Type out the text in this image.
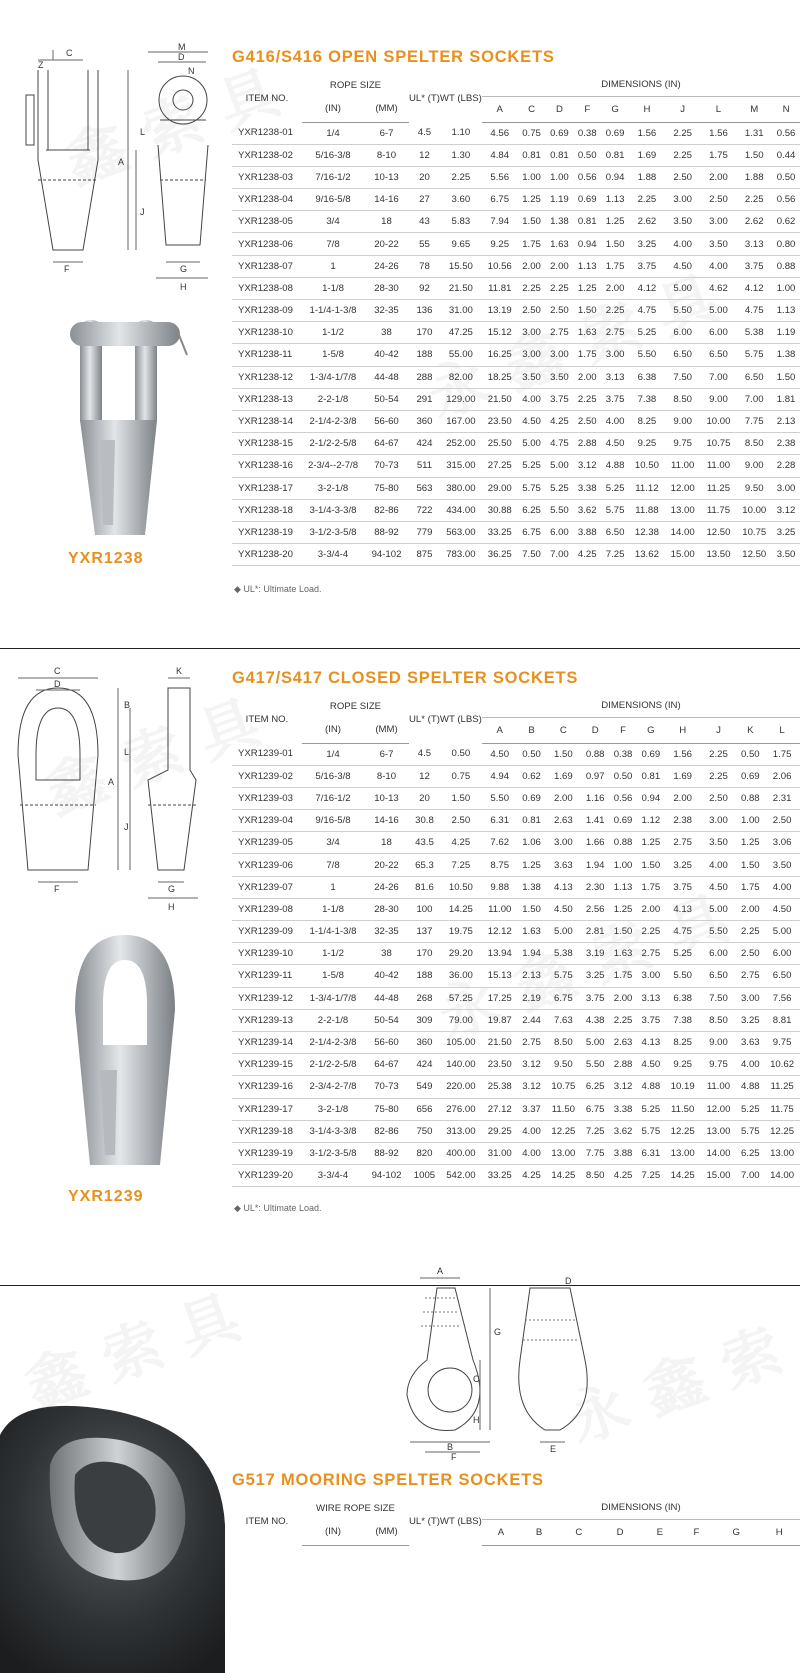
C
Z
M
D
N
A
L
J
F	G
H
YXR1238
G416/S416 OPEN SPELTER SOCKETS
ITEM NO.	ROPE SIZE		UL* (T)	WT (LBS)	DIMENSIONS (IN)									
	(IN)	(MM)			A	C	D	F	G	H	J	L	M	N
YXR1238-01	1/4	6-7	4.5	1.10	4.56	0.75	0.69	0.38	0.69	1.56	2.25	1.56	1.31	0.56
YXR1238-02	5/16-3/8	8-10	12	1.30	4.84	0.81	0.81	0.50	0.81	1.69	2.25	1.75	1.50	0.44
YXR1238-03	7/16-1/2	10-13	20	2.25	5.56	1.00	1.00	0.56	0.94	1.88	2.50	2.00	1.88	0.50
YXR1238-04	9/16-5/8	14-16	27	3.60	6.75	1.25	1.19	0.69	1.13	2.25	3.00	2.50	2.25	0.56
YXR1238-05	3/4	18	43	5.83	7.94	1.50	1.38	0.81	1.25	2.62	3.50	3.00	2.62	0.62
YXR1238-06	7/8	20-22	55	9.65	9.25	1.75	1.63	0.94	1.50	3.25	4.00	3.50	3.13	0.80
YXR1238-07	1	24-26	78	15.50	10.56	2.00	2.00	1.13	1.75	3.75	4.50	4.00	3.75	0.88
YXR1238-08	1-1/8	28-30	92	21.50	11.81	2.25	2.25	1.25	2.00	4.12	5.00	4.62	4.12	1.00
YXR1238-09	1-1/4-1-3/8	32-35	136	31.00	13.19	2.50	2.50	1.50	2.25	4.75	5.50	5.00	4.75	1.13
YXR1238-10	1-1/2	38	170	47.25	15.12	3.00	2.75	1.63	2.75	5.25	6.00	6.00	5.38	1.19
YXR1238-11	1-5/8	40-42	188	55.00	16.25	3.00	3.00	1.75	3.00	5.50	6.50	6.50	5.75	1.38
YXR1238-12	1-3/4-1/7/8	44-48	288	82.00	18.25	3.50	3.50	2.00	3.13	6.38	7.50	7.00	6.50	1.50
YXR1238-13	2-2-1/8	50-54	291	129.00	21.50	4.00	3.75	2.25	3.75	7.38	8.50	9.00	7.00	1.81
YXR1238-14	2-1/4-2-3/8	56-60	360	167.00	23.50	4.50	4.25	2.50	4.00	8.25	9.00	10.00	7.75	2.13
YXR1238-15	2-1/2-2-5/8	64-67	424	252.00	25.50	5.00	4.75	2.88	4.50	9.25	9.75	10.75	8.50	2.38
YXR1238-16	2-3/4--2-7/8	70-73	511	315.00	27.25	5.25	5.00	3.12	4.88	10.50	11.00	11.00	9.00	2.28
YXR1238-17	3-2-1/8	75-80	563	380.00	29.00	5.75	5.25	3.38	5.25	11.12	12.00	11.25	9.50	3.00
YXR1238-18	3-1/4-3-3/8	82-86	722	434.00	30.88	6.25	5.50	3.62	5.75	11.88	13.00	11.75	10.00	3.12
YXR1238-19	3-1/2-3-5/8	88-92	779	563.00	33.25	6.75	6.00	3.88	6.50	12.38	14.00	12.50	10.75	3.25
YXR1238-20	3-3/4-4	94-102	875	783.00	36.25	7.50	7.00	4.25	7.25	13.62	15.00	13.50	12.50	3.50
◆ UL*: Ultimate Load.
C
D
K
B
L
A
J
F	G
H
YXR1239
G417/S417 CLOSED SPELTER SOCKETS
ITEM NO.	ROPE SIZE		UL* (T)	WT (LBS)	DIMENSIONS (IN)									
	(IN)	(MM)			A	B	C	D	F	G	H	J	K	L
YXR1239-01	1/4	6-7	4.5	0.50	4.50	0.50	1.50	0.88	0.38	0.69	1.56	2.25	0.50	1.75
YXR1239-02	5/16-3/8	8-10	12	0.75	4.94	0.62	1.69	0.97	0.50	0.81	1.69	2.25	0.69	2.06
YXR1239-03	7/16-1/2	10-13	20	1.50	5.50	0.69	2.00	1.16	0.56	0.94	2.00	2.50	0.88	2.31
YXR1239-04	9/16-5/8	14-16	30.8	2.50	6.31	0.81	2.63	1.41	0.69	1.12	2.38	3.00	1.00	2.50
YXR1239-05	3/4	18	43.5	4.25	7.62	1.06	3.00	1.66	0.88	1.25	2.75	3.50	1.25	3.06
YXR1239-06	7/8	20-22	65.3	7.25	8.75	1.25	3.63	1.94	1.00	1.50	3.25	4.00	1.50	3.50
YXR1239-07	1	24-26	81.6	10.50	9.88	1.38	4.13	2.30	1.13	1.75	3.75	4.50	1.75	4.00
YXR1239-08	1-1/8	28-30	100	14.25	11.00	1.50	4.50	2.56	1.25	2.00	4.13	5.00	2.00	4.50
YXR1239-09	1-1/4-1-3/8	32-35	137	19.75	12.12	1.63	5.00	2.81	1.50	2.25	4.75	5.50	2.25	5.00
YXR1239-10	1-1/2	38	170	29.20	13.94	1.94	5.38	3.19	1.63	2.75	5.25	6.00	2.50	6.00
YXR1239-11	1-5/8	40-42	188	36.00	15.13	2.13	5.75	3.25	1.75	3.00	5.50	6.50	2.75	6.50
YXR1239-12	1-3/4-1/7/8	44-48	268	57.25	17.25	2.19	6.75	3.75	2.00	3.13	6.38	7.50	3.00	7.56
YXR1239-13	2-2-1/8	50-54	309	79.00	19.87	2.44	7.63	4.38	2.25	3.75	7.38	8.50	3.25	8.81
YXR1239-14	2-1/4-2-3/8	56-60	360	105.00	21.50	2.75	8.50	5.00	2.63	4.13	8.25	9.00	3.63	9.75
YXR1239-15	2-1/2-2-5/8	64-67	424	140.00	23.50	3.12	9.50	5.50	2.88	4.50	9.25	9.75	4.00	10.62
YXR1239-16	2-3/4-2-7/8	70-73	549	220.00	25.38	3.12	10.75	6.25	3.12	4.88	10.19	11.00	4.88	11.25
YXR1239-17	3-2-1/8	75-80	656	276.00	27.12	3.37	11.50	6.75	3.38	5.25	11.50	12.00	5.25	11.75
YXR1239-18	3-1/4-3-3/8	82-86	750	313.00	29.25	4.00	12.25	7.25	3.62	5.75	12.25	13.00	5.75	12.25
YXR1239-19	3-1/2-3-5/8	88-92	820	400.00	31.00	4.00	13.00	7.75	3.88	6.31	13.00	14.00	6.25	13.00
YXR1239-20	3-3/4-4	94-102	1005	542.00	33.25	4.25	14.25	8.50	4.25	7.25	14.25	15.00	7.00	14.00
◆ UL*: Ultimate Load.
A
G
C
H
B
D
E
F
G517 MOORING SPELTER SOCKETS
ITEM NO.	WIRE ROPE SIZE		UL* (T)	WT (LBS)	DIMENSIONS (IN)							
	(IN)	(MM)			A	B	C	D	E	F	G	H
